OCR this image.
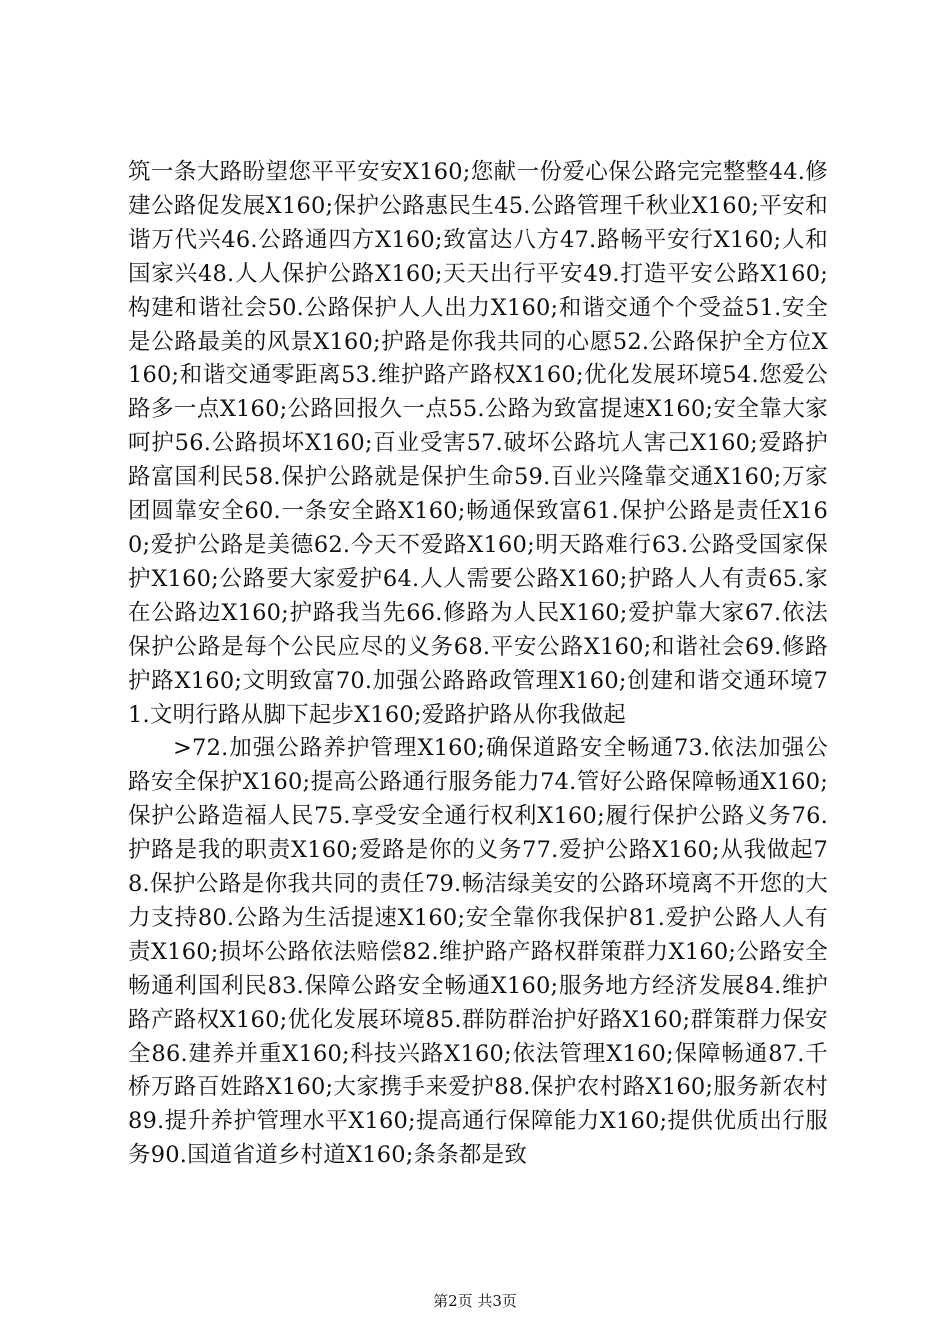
筑一条大路盼望您平平安安X160;您献一份爱心保公路完完整整44.修建公路促发展X160;保护公路惠民生45.公路管理千秋业X160;平安和谐万代兴46.公路通四方X160;致富达八方47.路畅平安行X160;人和国家兴48.人人保护公路X160;天天出行平安49.打造平安公路X160;构建和谐社会50.公路保护人人出力X160;和谐交通个个受益51.安全是公路最美的风景X160;护路是你我共同的心愿52.公路保护全方位X160;和谐交通零距离53.维护路产路权X160;优化发展环境54.您爱公路多一点X160;公路回报久一点55.公路为致富提速X160;安全靠大家呵护56.公路损坏X160;百业受害57.破坏公路坑人害己X160;爱路护路富国利民58.保护公路就是保护生命59.百业兴隆靠交通X160;万家团圆靠安全60.一条安全路X160;畅通保致富61.保护公路是责任X160;爱护公路是美德62.今天不爱路X160;明天路难行63.公路受国家保护X160;公路要大家爱护64.人人需要公路X160;护路人人有责65.家在公路边X160;护路我当先66.修路为人民X160;爱护靠大家67.依法保护公路是每个公民应尽的义务68.平安公路X160;和谐社会69.修路护路X160;文明致富70.加强公路路政管理X160;创建和谐交通环境71.文明行路从脚下起步X160;爱路护路从你我做起

>72.加强公路养护管理X160;确保道路安全畅通73.依法加强公路安全保护X160;提高公路通行服务能力74.管好公路保障畅通X160;保护公路造福人民75.享受安全通行权利X160;履行保护公路义务76.护路是我的职责X160;爱路是你的义务77.爱护公路X160;从我做起78.保护公路是你我共同的责任79.畅洁绿美安的公路环境离不开您的大力支持80.公路为生活提速X160;安全靠你我保护81.爱护公路人人有责X160;损坏公路依法赔偿82.维护路产路权群策群力X160;公路安全畅通利国利民83.保障公路安全畅通X160;服务地方经济发展84.维护路产路权X160;优化发展环境85.群防群治护好路X160;群策群力保安全86.建养并重X160;科技兴路X160;依法管理X160;保障畅通87.千桥万路百姓路X160;大家携手来爱护88.保护农村路X160;服务新农村89.提升养护管理水平X160;提高通行保障能力X160;提供优质出行服务90.国道省道乡村道X160;条条都是致

第2页 共3页
